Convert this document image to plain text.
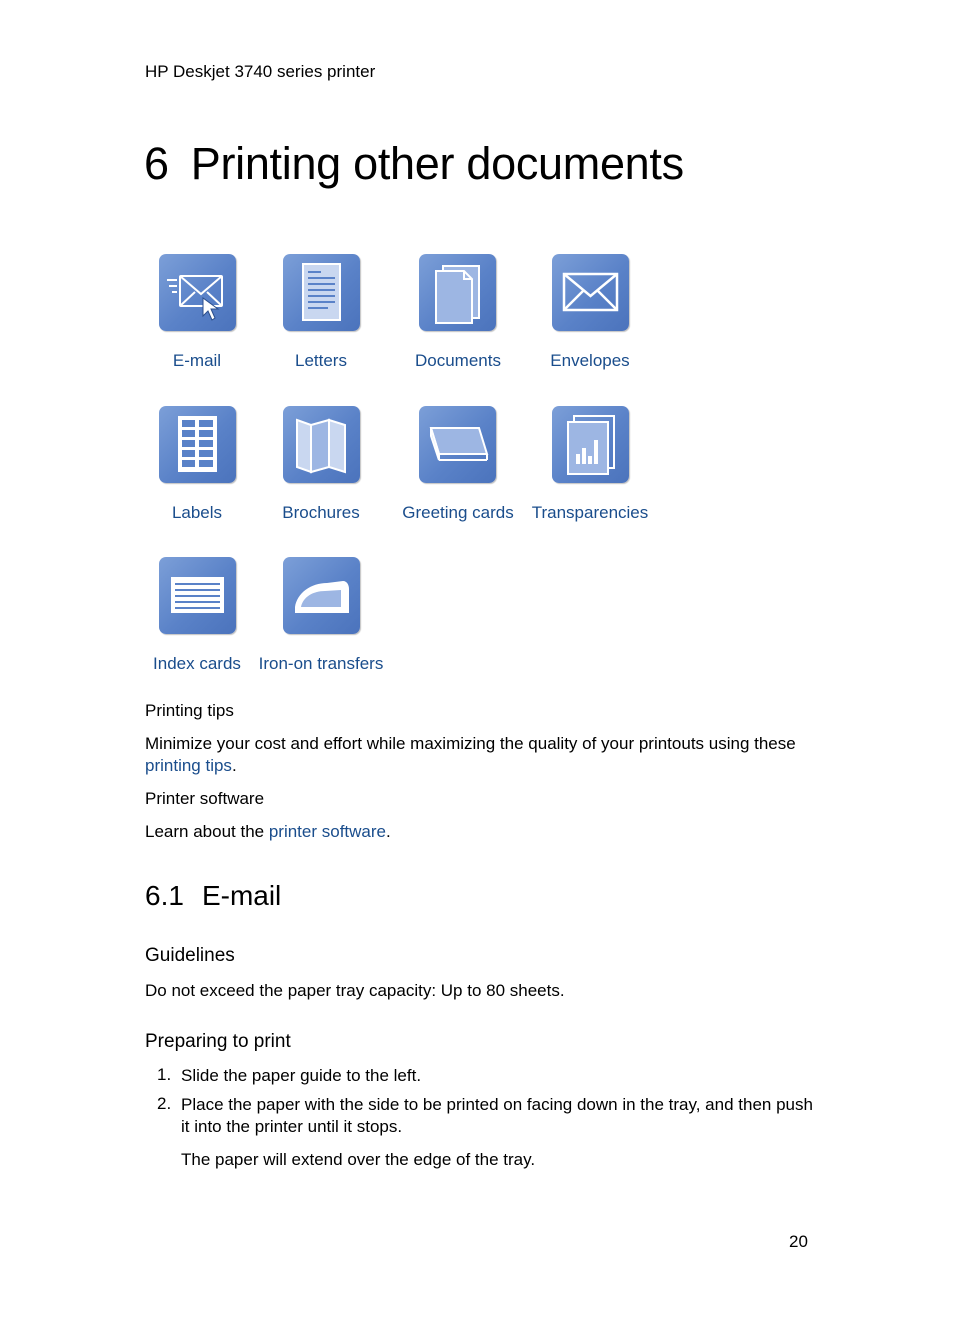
HP Deskjet 3740 series printer
6 Printing other documents
E-mail	Letters	Documents	Envelopes
Labels	Brochures	Greeting cards	Transparencies
Index cards	Iron-on transfers
Printing tips
Minimize your cost and effort while maximizing the quality of your printouts using these printing tips.
Printer software
Learn about the printer software.
6.1 E-mail
Guidelines
Do not exceed the paper tray capacity: Up to 80 sheets.
Preparing to print
1. Slide the paper guide to the left.
2. Place the paper with the side to be printed on facing down in the tray, and then push it into the printer until it stops.
The paper will extend over the edge of the tray.
20
